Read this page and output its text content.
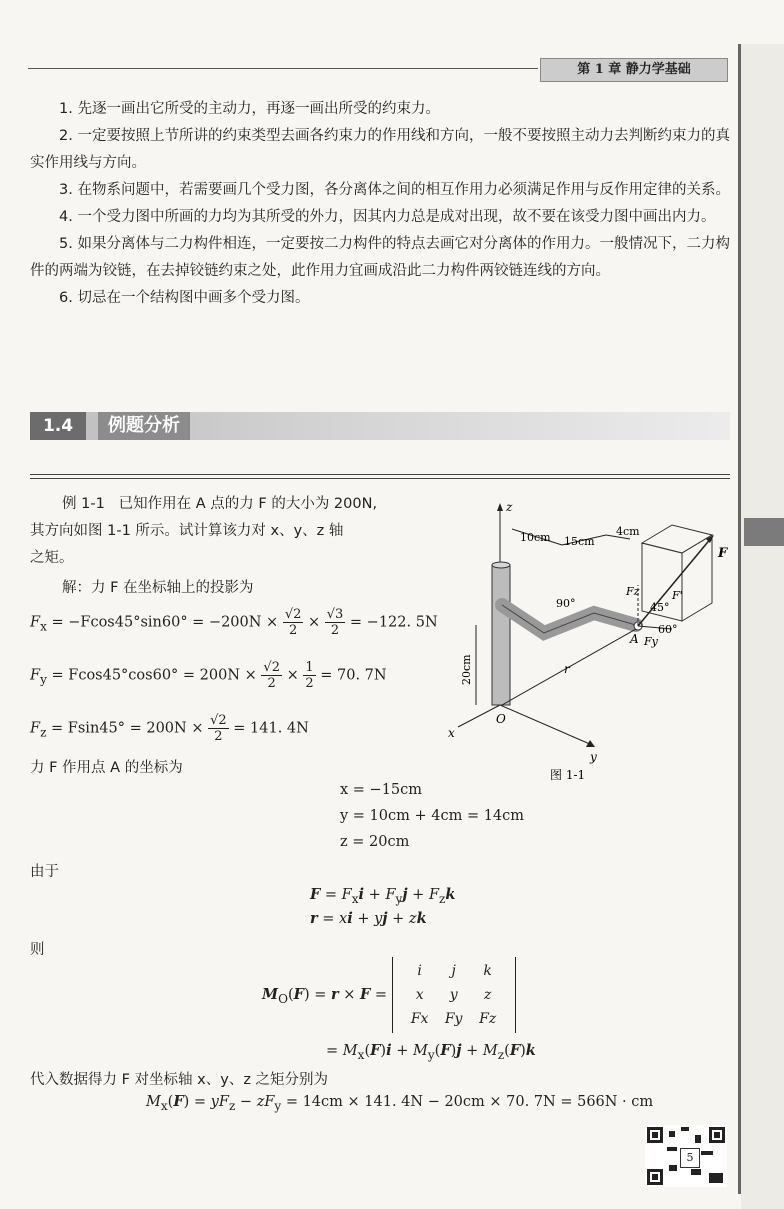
第 1 章 静力学基础

1. 先逐一画出它所受的主动力，再逐一画出所受的约束力。

2. 一定要按照上节所讲的约束类型去画各约束力的作用线和方向，一般不要按照主动力去判断约束力的真实作用线与方向。

3. 在物系问题中，若需要画几个受力图，各分离体之间的相互作用力必须满足作用与反作用定律的关系。

4. 一个受力图中所画的力均为其所受的外力，因其内力总是成对出现，故不要在该受力图中画出内力。

5. 如果分离体与二力构件相连，一定要按二力构件的特点去画它对分离体的作用力。一般情况下，二力构件的两端为铰链，在去掉铰链约束之处，此作用力宜画成沿此二力构件两铰链连线的方向。

6. 切忌在一个结构图中画多个受力图。

1.4	例题分析
例 1-1 已知作用在 A 点的力 F 的大小为 200N,
其方向如图 1-1 所示。试计算该力对 x、y、z 轴
之矩。
解：力 F 在坐标轴上的投影为
$F_x = -Fcos45^\circ\sin 60^\circ = -200N \times \frac{√2}{2} \times \frac{√3}{2} = -122$. 5N
$F_y = Fcos45^\circ\cos 60^\circ = 200N \times \frac{√2}{2} \times \frac{1}{2} = 70$. 7N
$F_z = Fsin45^\circ = 200N \times \frac{√2}{2} = 141$. 4N
力 F 作用点 A 的坐标为
x = −15cm
y = 10cm + 4cm = 14cm
z = 20cm
由于
$F = F_xi + F_yj + F_zk$
r = xi + yj + zk
则
$M_O(F) = r \times F$ =
i	j	k
x	y	z
Fx	Fy	Fz
= $M_x(F)i + M_y(F)j + M_z(F)k$
代入数据得力 F 对坐标轴 x、y、z 之矩分别为
$M_x(F) = yF_z - zF_y = 14cm \times 141$. 4N − 20cm × 70. 7N = 566N · cm
z
x
y
O
A
F
r
Fz
Fy
F'
10cm 15cm
4cm
20cm
90°	45°
60°
图 1-1
5
